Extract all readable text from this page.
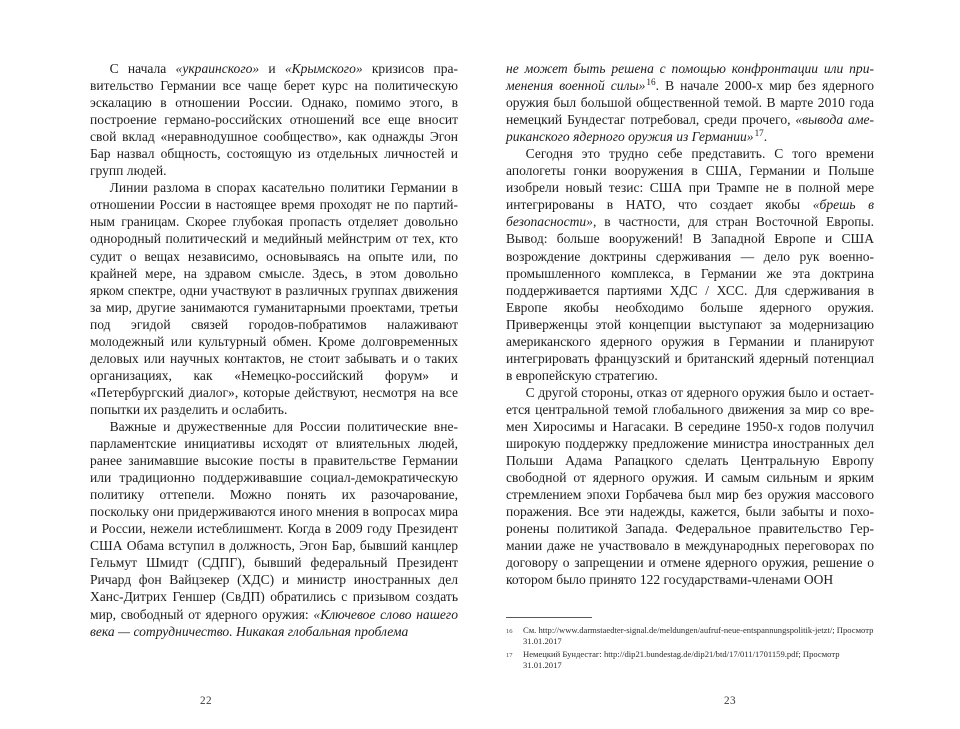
С начала «украинского» и «Крымского» кризисов правительство Германии все чаще берет курс на политическую эскалацию в отношении России. Однако, помимо этого, в построение германо-российских отношений все еще вносит свой вклад «неравнодушное сообщество», как однажды Эгон Бар назвал общность, состоящую из отдельных личностей и групп людей.

Линии разлома в спорах касательно политики Германии в отношении России в настоящее время проходят не по партийным границам. Скорее глубокая пропасть отделяет довольно однородный политический и медийный мейнстрим от тех, кто судит о вещах независимо, основываясь на опыте или, по крайней мере, на здравом смысле. Здесь, в этом довольно ярком спектре, одни участвуют в различных группах движения за мир, другие занимаются гуманитарными проектами, третьи под эгидой связей городов-побратимов налаживают молодежный или культурный обмен. Кроме долговременных деловых или научных контактов, не стоит забывать и о таких организациях, как «Немецко-российский форум» и «Петербургский диалог», которые действуют, несмотря на все попытки их разделить и ослабить.

Важные и дружественные для России политические внепарламентские инициативы исходят от влиятельных людей, ранее занимавшие высокие посты в правительстве Германии или традиционно поддерживавшие социал-демократическую политику оттепели. Можно понять их разочарование, поскольку они придерживаются иного мнения в вопросах мира и России, нежели истеблишмент. Когда в 2009 году Президент США Обама вступил в должность, Эгон Бар, бывший канцлер Гельмут Шмидт (СДПГ), бывший федеральный Президент Ричард фон Вайцзекер (ХДС) и министр иностранных дел Ханс-Дитрих Геншер (СвДП) обратились с призывом создать мир, свободный от ядерного оружия: «Ключевое слово нашего века — сотрудничество. Никакая глобальная проблема

22

не может быть решена с помощью конфронтации или применения военной силы»$^{16}$. В начале 2000-х мир без ядерного оружия был большой общественной темой. В марте 2010 года немецкий Бундестаг потребовал, среди прочего, «вывода американского ядерного оружия из Германии»$^{17}$.

Сегодня это трудно себе представить. С того времени апологеты гонки вооружения в США, Германии и Польше изобрели новый тезис: США при Трампе не в полной мере интегрированы в НАТО, что создает якобы «брешь в безопасности», в частности, для стран Восточной Европы. Вывод: больше вооружений! В Западной Европе и США возрождение доктрины сдерживания — дело рук военно-промышленного комплекса, в Германии же эта доктрина поддерживается партиями ХДС / ХСС. Для сдерживания в Европе якобы необходимо больше ядерного оружия. Приверженцы этой концепции выступают за модернизацию американского ядерного оружия в Германии и планируют интегрировать французский и британский ядерный потенциал в европейскую стратегию.

С другой стороны, отказ от ядерного оружия было и остаетется центральной темой глобального движения за мир со времен Хиросимы и Нагасаки. В середине 1950-х годов получил широкую поддержку предложение министра иностранных дел Польши Адама Рапацкого сделать Центральную Европу свободной от ядерного оружия. И самым сильным и ярким стремлением эпохи Горбачева был мир без оружия массового поражения. Все эти надежды, кажется, были забыты и похоронены политикой Запада. Федеральное правительство Германии даже не участвовало в международных переговорах по договору о запрещении и отмене ядерного оружия, решение о котором было принято 122 государствами-членами ООН

16	См. http://www.darmstaedter-signal.de/meldungen/aufruf-neue-entspannungspolitik-jetzt/; Просмотр 31.01.2017
17	Немецкий Бундестаг: http://dip21.bundestag.de/dip21/btd/17/011/1701159.pdf; Просмотр 31.01.2017
23
